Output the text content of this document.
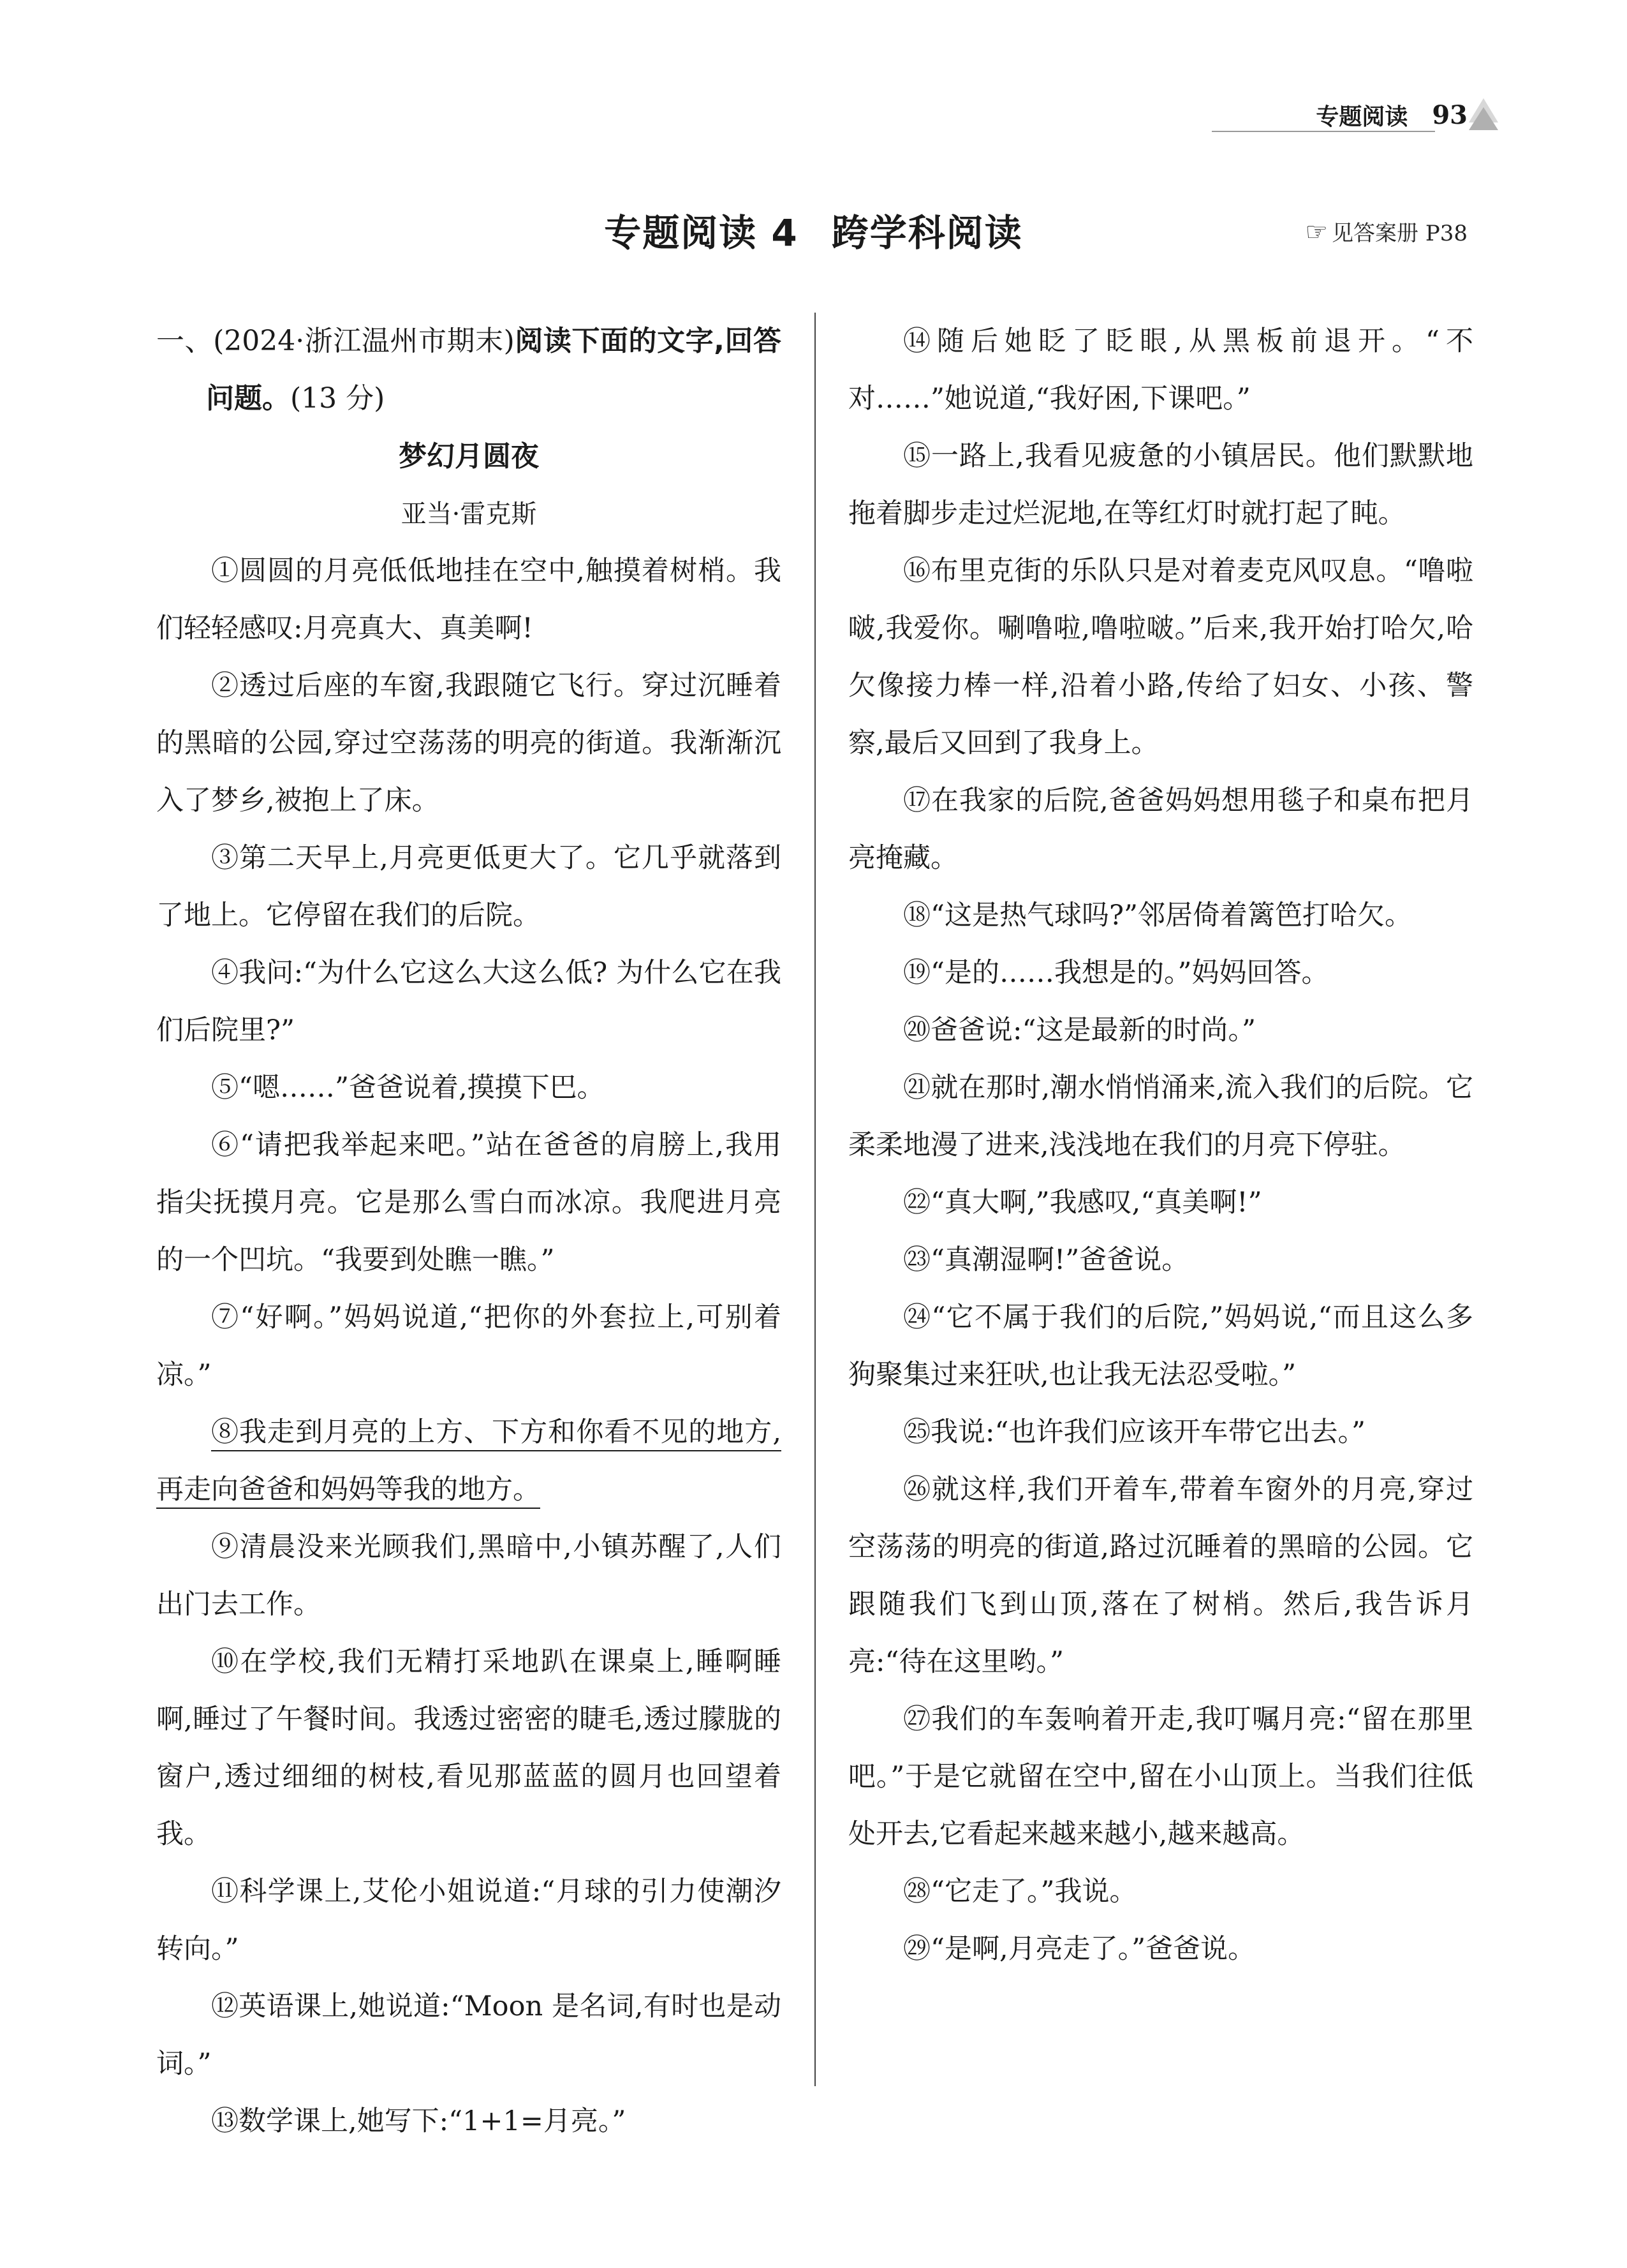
专题阅读 93
专题阅读 4 跨学科阅读	☞ 见答案册 P38

一、(2024·浙江温州市期末)阅读下面的文字,回答问题。(13 分)

梦幻月圆夜

亚当·雷克斯

①圆圆的月亮低低地挂在空中,触摸着树梢。我们轻轻感叹:月亮真大、真美啊!

②透过后座的车窗,我跟随它飞行。穿过沉睡着的黑暗的公园,穿过空荡荡的明亮的街道。我渐渐沉入了梦乡,被抱上了床。

③第二天早上,月亮更低更大了。它几乎就落到了地上。它停留在我们的后院。

④我问:“为什么它这么大这么低? 为什么它在我们后院里?”

⑤“嗯……”爸爸说着,摸摸下巴。

⑥“请把我举起来吧。”站在爸爸的肩膀上,我用指尖抚摸月亮。它是那么雪白而冰凉。我爬进月亮的一个凹坑。“我要到处瞧一瞧。”

⑦“好啊。”妈妈说道,“把你的外套拉上,可别着凉。”

⑧我走到月亮的上方、下方和你看不见的地方,再走向爸爸和妈妈等我的地方。

⑨清晨没来光顾我们,黑暗中,小镇苏醒了,人们出门去工作。

⑩在学校,我们无精打采地趴在课桌上,睡啊睡啊,睡过了午餐时间。我透过密密的睫毛,透过朦胧的窗户,透过细细的树枝,看见那蓝蓝的圆月也回望着我。

⑪科学课上,艾伦小姐说道:“月球的引力使潮汐转向。”

⑫英语课上,她说道:“Moon 是名词,有时也是动词。”

⑬数学课上,她写下:“1+1=月亮。”

⑭随后她眨了眨眼,从黑板前退开。“不对……”她说道,“我好困,下课吧。”

⑮一路上,我看见疲惫的小镇居民。他们默默地拖着脚步走过烂泥地,在等红灯时就打起了盹。

⑯布里克街的乐队只是对着麦克风叹息。“噜啦啵,我爱你。唰噜啦,噜啦啵。”后来,我开始打哈欠,哈欠像接力棒一样,沿着小路,传给了妇女、小孩、警察,最后又回到了我身上。

⑰在我家的后院,爸爸妈妈想用毯子和桌布把月亮掩藏。

⑱“这是热气球吗?”邻居倚着篱笆打哈欠。

⑲“是的……我想是的。”妈妈回答。

⑳爸爸说:“这是最新的时尚。”

㉑就在那时,潮水悄悄涌来,流入我们的后院。它柔柔地漫了进来,浅浅地在我们的月亮下停驻。

㉒“真大啊,”我感叹,“真美啊!”

㉓“真潮湿啊!”爸爸说。

㉔“它不属于我们的后院,”妈妈说,“而且这么多狗聚集过来狂吠,也让我无法忍受啦。”

㉕我说:“也许我们应该开车带它出去。”

㉖就这样,我们开着车,带着车窗外的月亮,穿过空荡荡的明亮的街道,路过沉睡着的黑暗的公园。它跟随我们飞到山顶,落在了树梢。然后,我告诉月亮:“待在这里哟。”

㉗我们的车轰响着开走,我叮嘱月亮:“留在那里吧。”于是它就留在空中,留在小山顶上。当我们往低处开去,它看起来越来越小,越来越高。

㉘“它走了。”我说。

㉙“是啊,月亮走了。”爸爸说。
